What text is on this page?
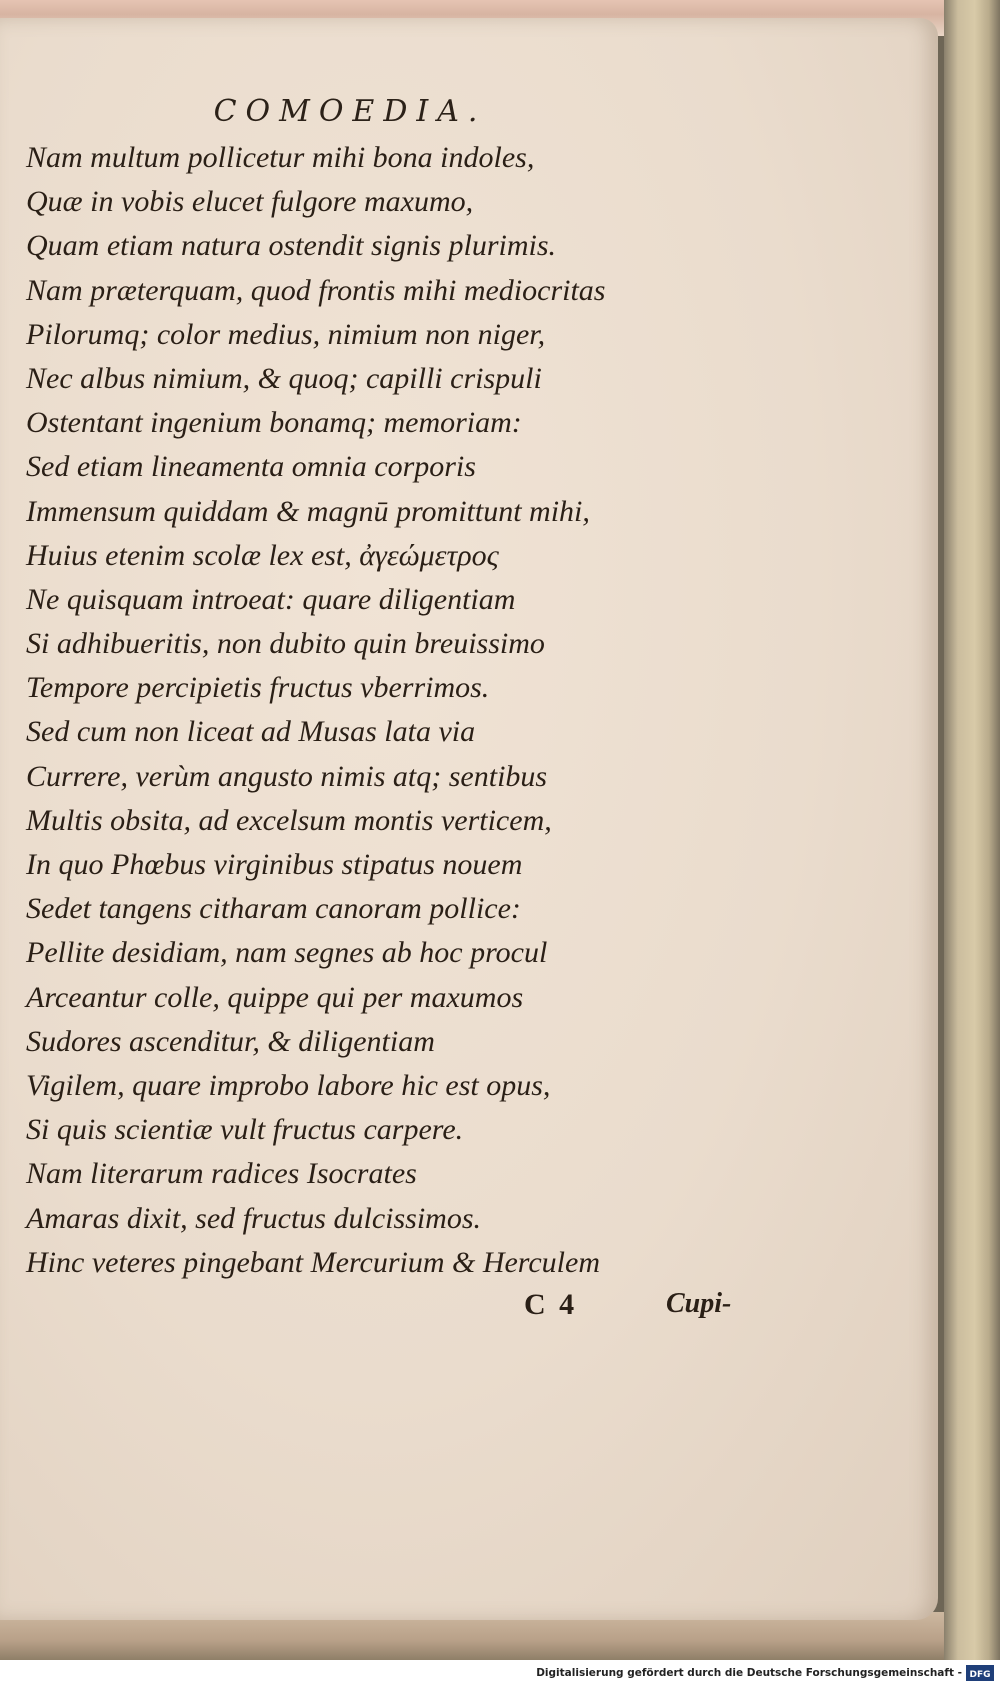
COMOEDIA.
Nam multum pollicetur mihi bona indoles,
Quæ in vobis elucet fulgore maxumo,
Quam etiam natura ostendit signis plurimis.
Nam præterquam, quod frontis mihi mediocritas
Pilorumq; color medius, nimium non niger,
Nec albus nimium, & quoq; capilli crispuli
Ostentant ingenium bonamq; memoriam:
Sed etiam lineamenta omnia corporis
Immensum quiddam & magnū promittunt mihi,
Huius etenim scolæ lex est, ἀγεώμετρος
Ne quisquam introeat: quare diligentiam
Si adhibueritis, non dubito quin breuissimo
Tempore percipietis fructus vberrimos.
Sed cum non liceat ad Musas lata via
Currere, verùm angusto nimis atq; sentibus
Multis obsita, ad excelsum montis verticem,
In quo Phœbus virginibus stipatus nouem
Sedet tangens citharam canoram pollice:
Pellite desidiam, nam segnes ab hoc procul
Arceantur colle, quippe qui per maxumos
Sudores ascenditur, & diligentiam
Vigilem, quare improbo labore hic est opus,
Si quis scientiæ vult fructus carpere.
Nam literarum radices Isocrates
Amaras dixit, sed fructus dulcissimos.
Hinc veteres pingebant Mercurium & Herculem
C 4	Cupi-
Digitalisierung gefördert durch die Deutsche Forschungsgemeinschaft - DFG
